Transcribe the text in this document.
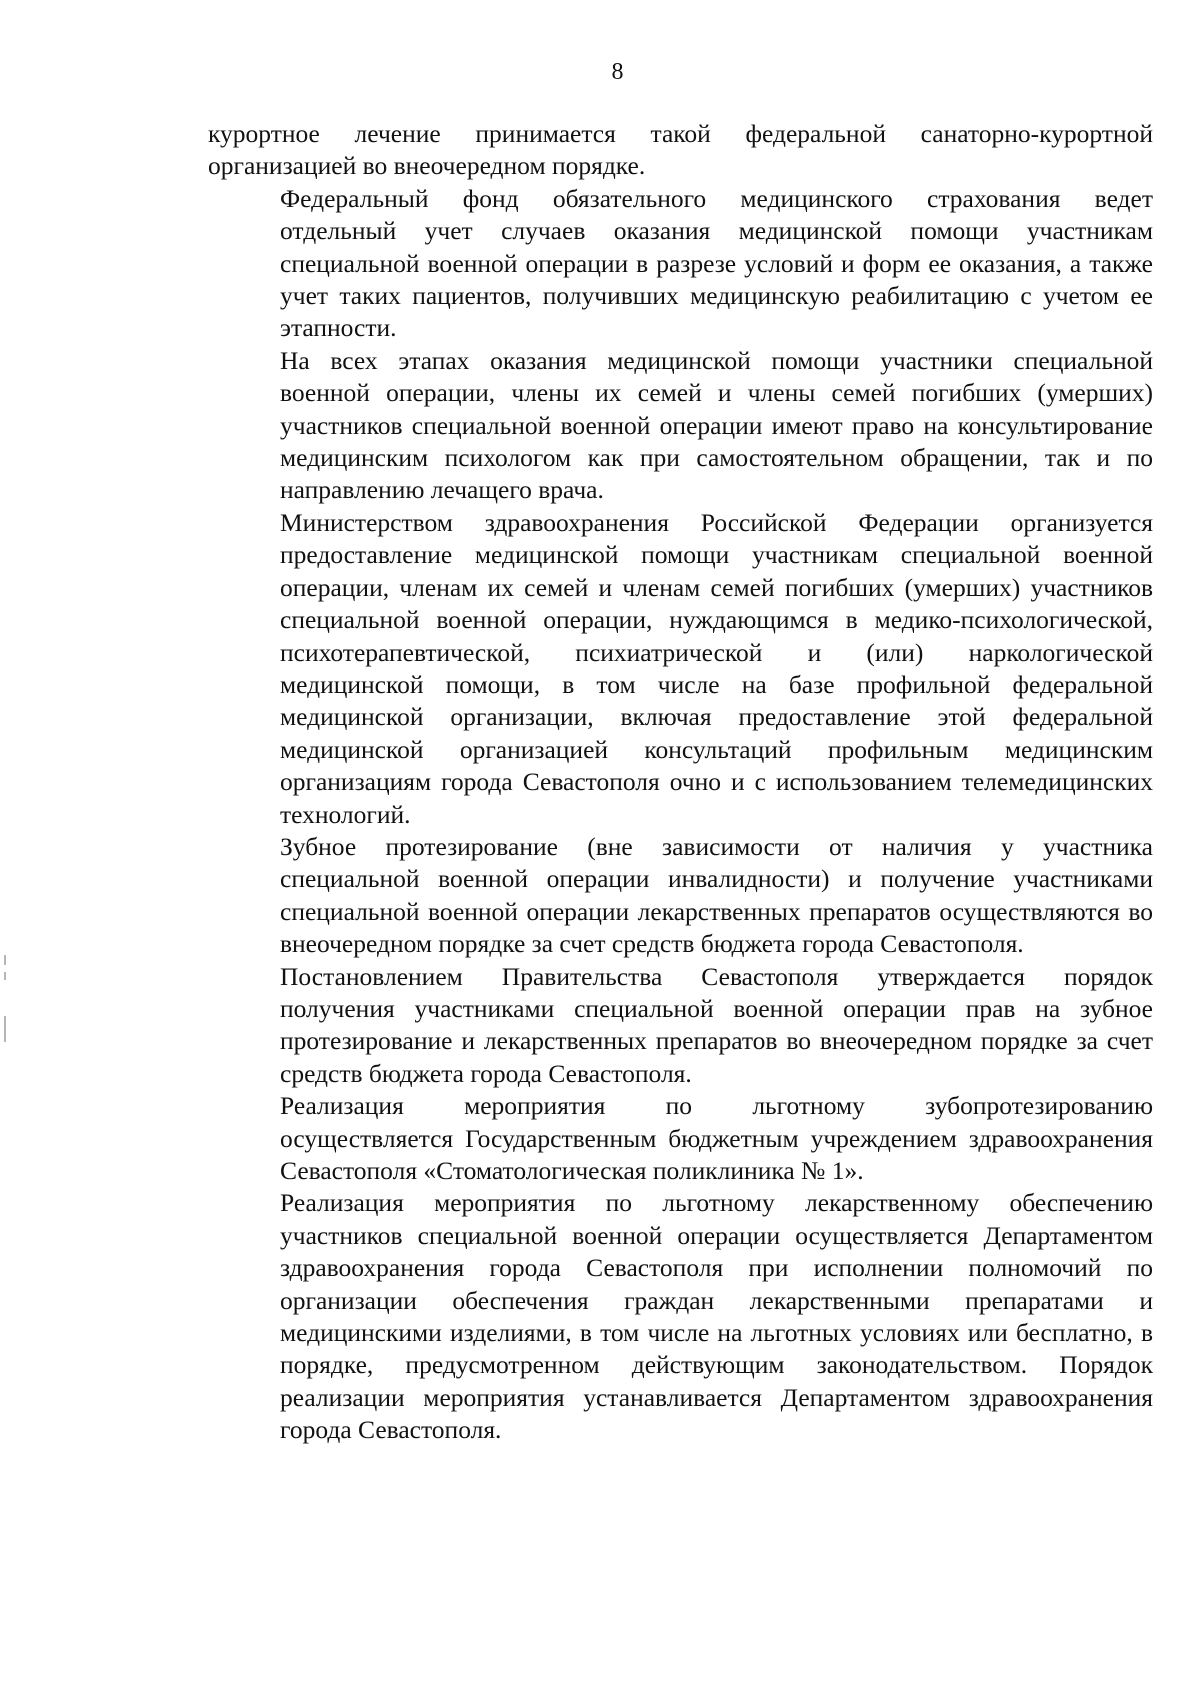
8

курортное лечение принимается такой федеральной санаторно-курортной
организацией во внеочередном порядке.

Федеральный фонд обязательного медицинского страхования ведет
отдельный учет случаев оказания медицинской помощи участникам
специальной военной операции в разрезе условий и форм ее оказания, а также
учет таких пациентов, получивших медицинскую реабилитацию с учетом ее
этапности.

На всех этапах оказания медицинской помощи участники специальной
военной операции, члены их семей и члены семей погибших (умерших)
участников специальной военной операции имеют право на консультирование
медицинским психологом как при самостоятельном обращении, так и по
направлению лечащего врача.

Министерством здравоохранения Российской Федерации организуется
предоставление медицинской помощи участникам специальной военной
операции, членам их семей и членам семей погибших (умерших) участников
специальной военной операции, нуждающимся в медико-психологической,
психотерапевтической, психиатрической и (или) наркологической
медицинской помощи, в том числе на базе профильной федеральной
медицинской организации, включая предоставление этой федеральной
медицинской организацией консультаций профильным медицинским
организациям города Севастополя очно и с использованием телемедицинских
технологий.

Зубное протезирование (вне зависимости от наличия у участника
специальной военной операции инвалидности) и получение участниками
специальной военной операции лекарственных препаратов осуществляются во
внеочередном порядке за счет средств бюджета города Севастополя.

Постановлением Правительства Севастополя утверждается порядок
получения участниками специальной военной операции прав на зубное
протезирование и лекарственных препаратов во внеочередном порядке за счет
средств бюджета города Севастополя.

Реализация мероприятия по льготному зубопротезированию
осуществляется Государственным бюджетным учреждением здравоохранения
Севастополя «Стоматологическая поликлиника № 1».

Реализация мероприятия по льготному лекарственному обеспечению
участников специальной военной операции осуществляется Департаментом
здравоохранения города Севастополя при исполнении полномочий по
организации обеспечения граждан лекарственными препаратами и
медицинскими изделиями, в том числе на льготных условиях или бесплатно, в
порядке, предусмотренном действующим законодательством. Порядок
реализации мероприятия устанавливается Департаментом здравоохранения
города Севастополя.
